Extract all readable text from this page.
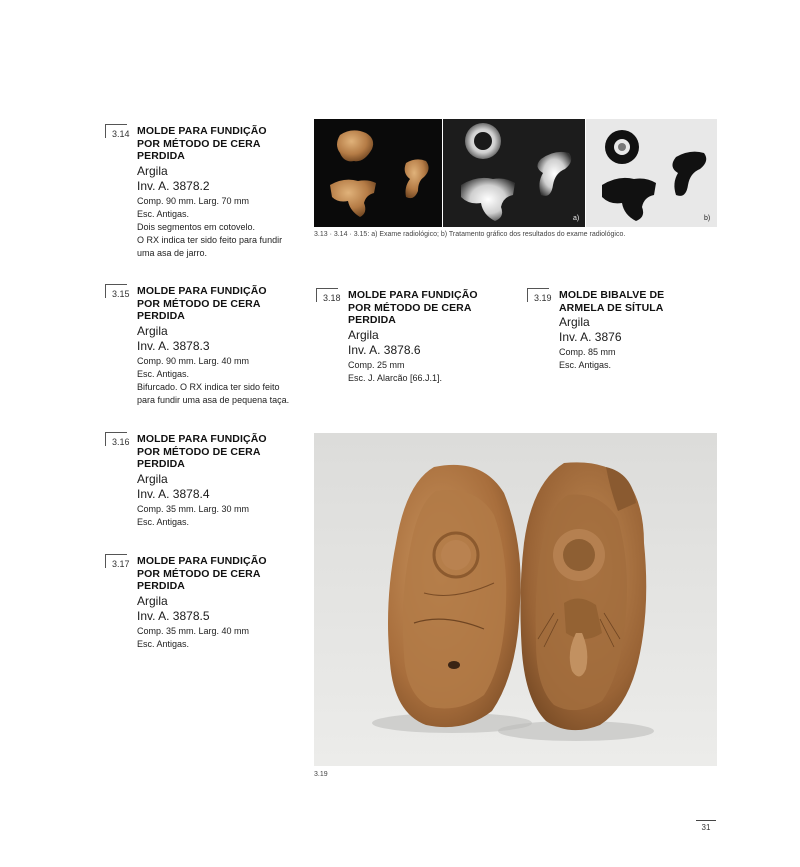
3.14 MOLDE PARA FUNDIÇÃO
POR MÉTODO DE CERA
PERDIDA
Argila
Inv. A. 3878.2
Comp. 90 mm. Larg. 70 mm
Esc. Antigas.
Dois segmentos em cotovelo.
O RX indica ter sido feito para fundir
uma asa de jarro.
3.15 MOLDE PARA FUNDIÇÃO
POR MÉTODO DE CERA
PERDIDA
Argila
Inv. A. 3878.3
Comp. 90 mm. Larg. 40 mm
Esc. Antigas.
Bifurcado. O RX indica ter sido feito
para fundir uma asa de pequena taça.
3.16 MOLDE PARA FUNDIÇÃO
POR MÉTODO DE CERA
PERDIDA
Argila
Inv. A. 3878.4
Comp. 35 mm. Larg. 30 mm
Esc. Antigas.
3.17 MOLDE PARA FUNDIÇÃO
POR MÉTODO DE CERA
PERDIDA
Argila
Inv. A. 3878.5
Comp. 35 mm. Larg. 40 mm
Esc. Antigas.
3.18 MOLDE PARA FUNDIÇÃO
POR MÉTODO DE CERA
PERDIDA
Argila
Inv. A. 3878.6
Comp. 25 mm
Esc. J. Alarcão [66.J.1].
3.19 MOLDE BIBALVE DE
ARMELA DE SÍTULA
Argila
Inv. A. 3876
Comp. 85 mm
Esc. Antigas.
a)	b)
3.13 · 3.14 · 3.15: a) Exame radiológico; b) Tratamento gráfico dos resultados do exame radiológico.
3.19
31
